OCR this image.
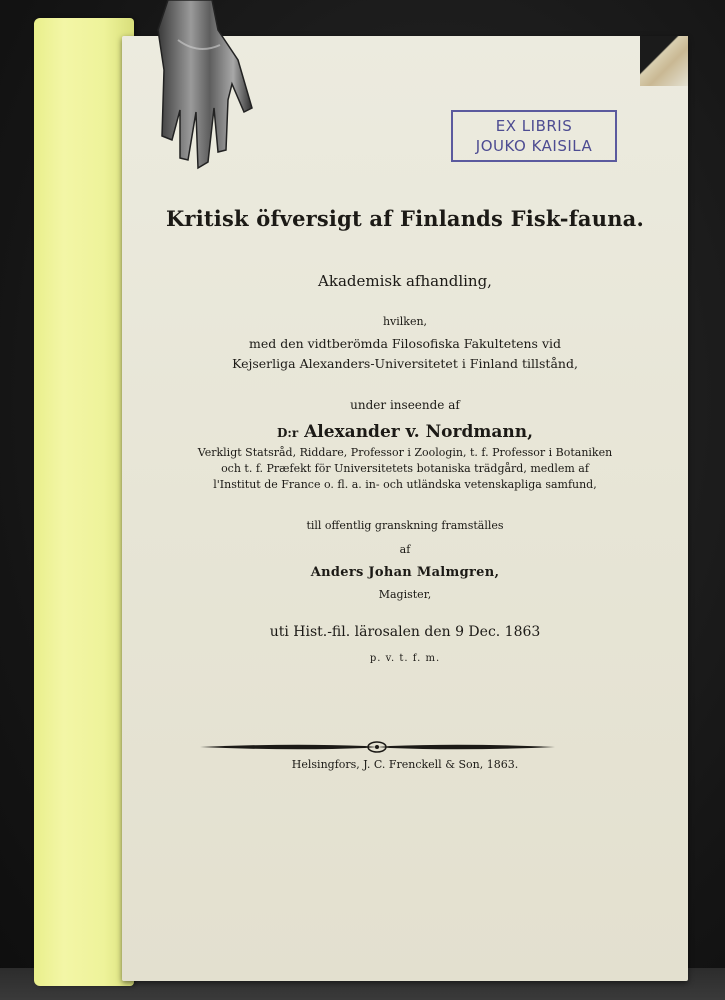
EX LIBRIS
JOUKO KAISILA
Kritisk öfversigt af Finlands Fisk-fauna.
Akademisk afhandling,
hvilken,
med den vidtberömda Filosofiska Fakultetens vid
Kejserliga Alexanders-Universitetet i Finland tillstånd,
under inseende af
D:r Alexander v. Nordmann,
Verkligt Statsråd, Riddare, Professor i Zoologin, t. f. Professor i Botaniken
och t. f. Præfekt för Universitetets botaniska trädgård, medlem af
l'Institut de France o. fl. a. in- och utländska vetenskapliga samfund,
till offentlig granskning framställes
af
Anders Johan Malmgren,
Magister,
uti Hist.-fil. lärosalen den 9 Dec. 1863
p. v. t. f. m.
Helsingfors, J. C. Frenckell & Son, 1863.
